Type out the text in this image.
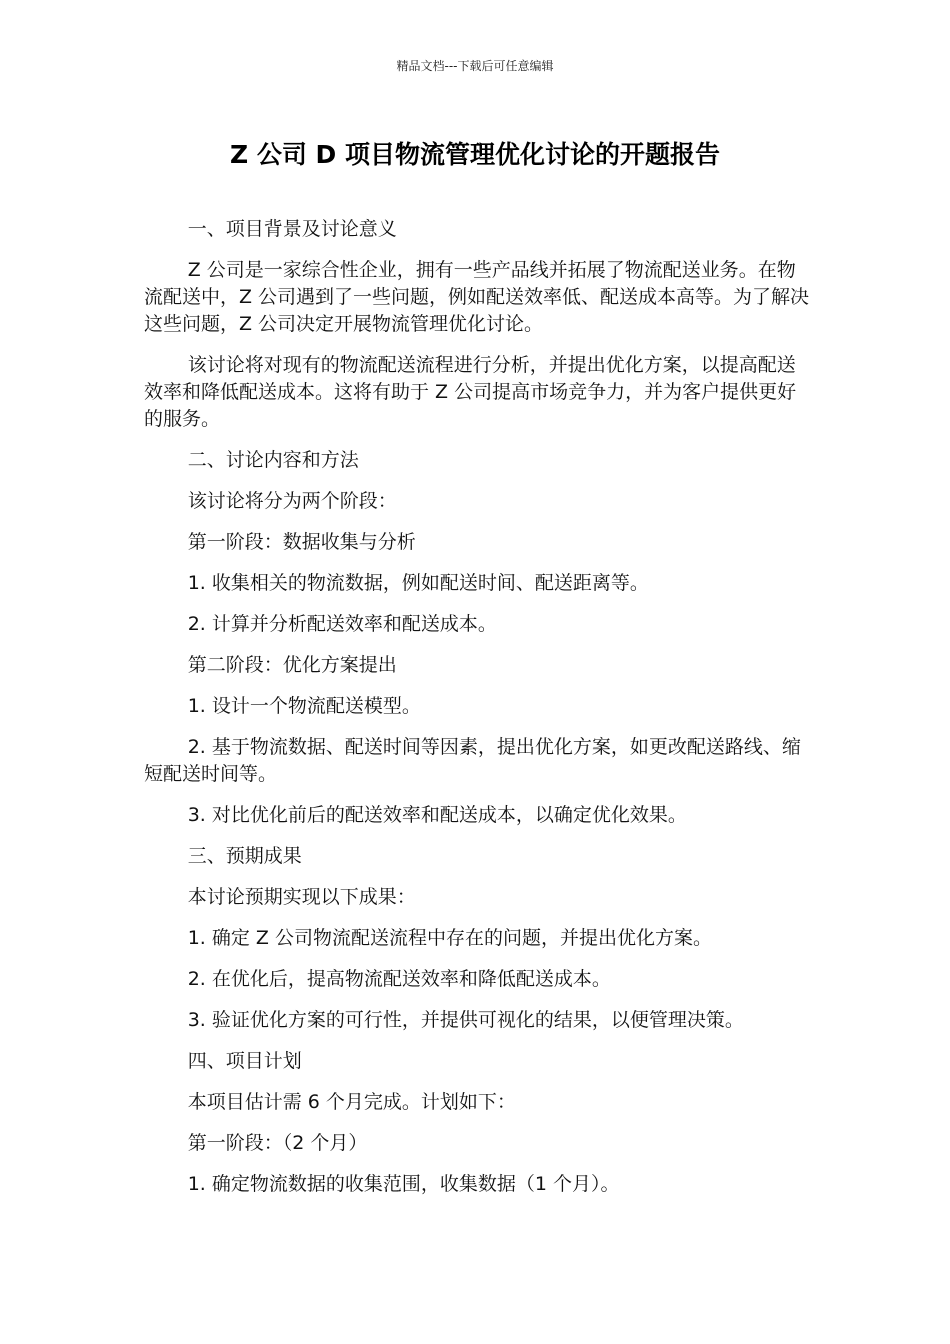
精品文档---下载后可任意编辑
Z 公司 D 项目物流管理优化讨论的开题报告

一、项目背景及讨论意义

Z 公司是一家综合性企业，拥有一些产品线并拓展了物流配送业务。在物流配送中，Z 公司遇到了一些问题，例如配送效率低、配送成本高等。为了解决这些问题，Z 公司决定开展物流管理优化讨论。

该讨论将对现有的物流配送流程进行分析，并提出优化方案，以提高配送效率和降低配送成本。这将有助于 Z 公司提高市场竞争力，并为客户提供更好的服务。

二、讨论内容和方法

该讨论将分为两个阶段：

第一阶段：数据收集与分析

1. 收集相关的物流数据，例如配送时间、配送距离等。

2. 计算并分析配送效率和配送成本。

第二阶段：优化方案提出

1. 设计一个物流配送模型。

2. 基于物流数据、配送时间等因素，提出优化方案，如更改配送路线、缩短配送时间等。

3. 对比优化前后的配送效率和配送成本，以确定优化效果。

三、预期成果

本讨论预期实现以下成果：

1. 确定 Z 公司物流配送流程中存在的问题，并提出优化方案。

2. 在优化后，提高物流配送效率和降低配送成本。

3. 验证优化方案的可行性，并提供可视化的结果，以便管理决策。

四、项目计划

本项目估计需 6 个月完成。计划如下：

第一阶段：（2 个月）

1. 确定物流数据的收集范围，收集数据（1 个月）。
